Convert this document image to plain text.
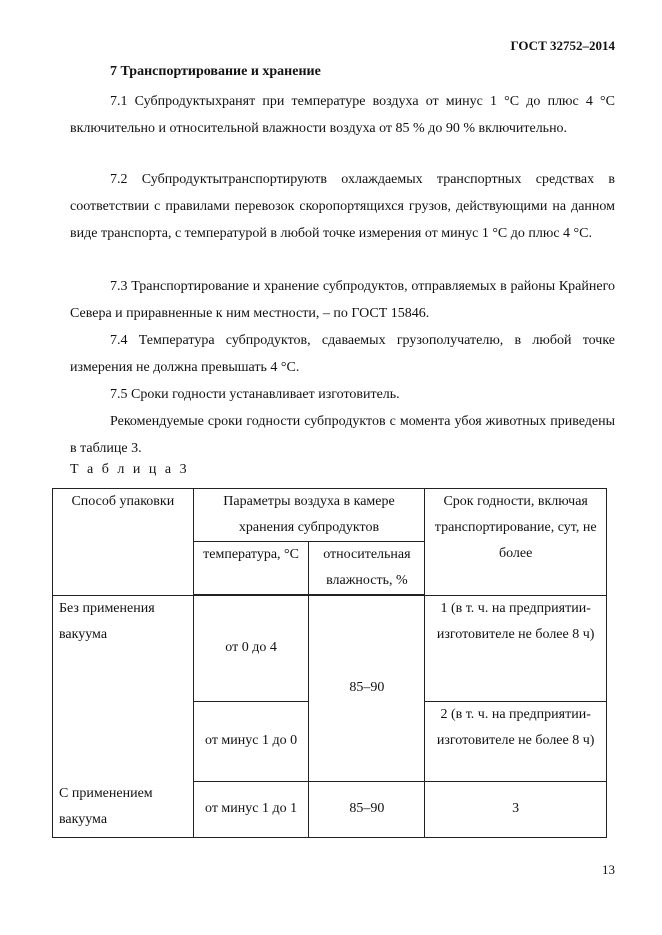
ГОСТ 32752–2014
7 Транспортирование и хранение

7.1 Субпродуктыхранят при температуре воздуха от минус 1 °С до плюс 4 °С включительно и относительной влажности воздуха от 85 % до 90 % включительно.

7.2 Субпродуктытранспортируютв охлаждаемых транспортных средствах в соответствии с правилами перевозок скоропортящихся грузов, действующими на данном виде транспорта, с температурой в любой точке измерения от минус 1 °С до плюс 4 °С.

7.3 Транспортирование и хранение субпродуктов, отправляемых в районы Крайнего Севера и приравненные к ним местности, – по ГОСТ 15846.

7.4 Температура субпродуктов, сдаваемых грузополучателю, в любой точке измерения не должна превышать 4 °С.

7.5 Сроки годности устанавливает изготовитель.

Рекомендуемые сроки годности субпродуктов с момента убоя животных приведены в таблице 3.

Т а б л и ц а 3
Способ упаковки	Параметры воздуха в камере хранения субпродуктов		Срок годности, включая транспортирование, сут, не более
	температура, °С	относительная влажность, %	
Без применения вакуума	от 0 до 4	85–90	1 (в т. ч. на предприятии-изготовителе не более 8 ч)
	от минус 1 до 0		2 (в т. ч. на предприятии-изготовителе не более 8 ч)
С применением вакуума	от минус 1 до 1	85–90	3
13
